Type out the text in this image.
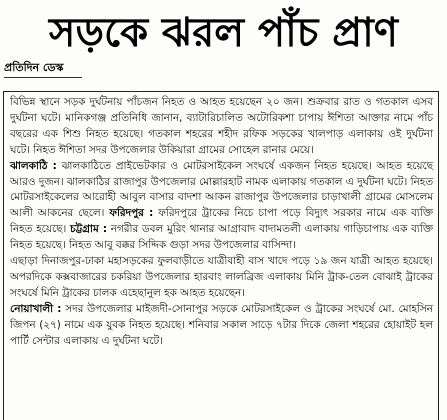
সড়কে ঝরল পাঁচ প্রাণ
প্রতিদিন ডেস্ক

বিভিন্ন স্থানে সড়ক দুর্ঘটনায় পাঁচজন নিহত ও আহত হয়েছেন ২০ জন। শুক্রবার রাত ও গতকাল এসব দুর্ঘটনা ঘটে। মানিকগঞ্জ প্রতিনিধি জানান, ব্যাটারিচালিত অটোরিকশা চাপায় ঈশিতা আক্তার নামে পাঁচ বছরের এক শিশু নিহত হয়েছে। গতকাল শহরের শহীদ রফিক সড়কের খালপাড় এলাকায় ওই দুর্ঘটনা ঘটে। নিহত ঈশিতা সদর উপজেলার উকিয়ারা গ্রামের সোহেল রানার মেয়ে।
ঝালকাঠি : ঝালকাঠিতে প্রাইভেটকার ও মোটরসাইকেল সংঘর্ষে একজন নিহত হয়েছে। আহত হয়েছে আরও দুজন। ঝালকাঠির রাজাপুর উপজেলার মোল্লারহাট নামক এলাকায় গতকাল এ দুর্ঘটনা ঘটে। নিহত মোটরসাইকেলের আরোহী আবুল বাসার বাদশা আকন রাজাপুর উপজেলার চাড়াখালী গ্রামের মোসলেম আলী আকনের ছেলে। ফরিদপুর : ফরিদপুরে ট্রাকের নিচে চাপা পড়ে বিদ্যুৎ সরকার নামে এক ব্যক্তি নিহত হয়েছে। চট্টগ্রাম : নগরীর ডবল মুরিং থানার আগ্রাবাদ বাদামতলী এলাকায় গাড়িচাপায় এক ব্যক্তি নিহত হয়েছে। নিহত আবু বক্কর সিদ্দিক গুড়া সদর উপজেলার বাসিন্দা।
এছাড়া দিনাজপুর-ঢাকা মহাসড়কের ফুলবাড়ীতে যাত্রীবাহী বাস খাদে পড়ে ১৯ জন যাত্রী আহত হয়েছে। অপরদিকে কক্সবাজারের চকরিয়া উপজেলার হারবাং লালব্রিজ এলাকায় মিনি ট্রাক-তেল বোঝাই ট্রাকের সংঘর্ষে মিনি ট্রাকের চালক এহেছানুল হক আহত হয়েছেন।
নোয়াখালী : সদর উপজেলার মাইজদী-সোনাপুর সড়কে মোটরসাইকেল ও ট্রাকের সংঘর্ষে মো. মোহসিন জিপন (২৭) নামে এক যুবক নিহত হয়েছে। শনিবার সকাল সাড়ে ৭টার দিকে জেলা শহরের হোয়াইট হল পার্টি সেন্টার এলাকায় এ দুর্ঘটনা ঘটে।
